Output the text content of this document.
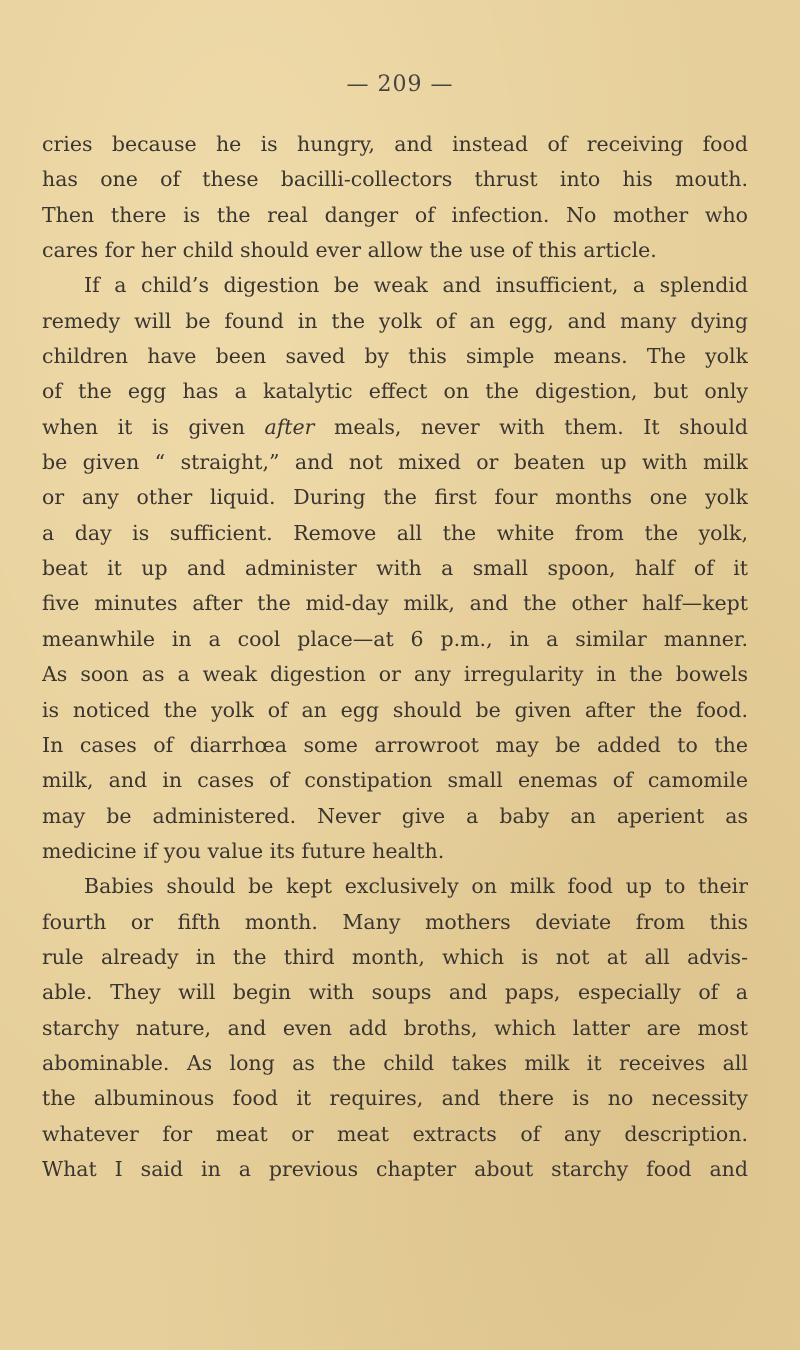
— 209 —
cries because he is hungry, and instead of receiving food
has one of these bacilli-collectors thrust into his mouth.
Then there is the real danger of infection. No mother who
cares for her child should ever allow the use of this article.
If a child’s digestion be weak and insufficient, a splendid
remedy will be found in the yolk of an egg, and many dying
children have been saved by this simple means. The yolk
of the egg has a katalytic effect on the digestion, but only
when it is given after meals, never with them. It should
be given “ straight,” and not mixed or beaten up with milk
or any other liquid. During the first four months one yolk
a day is sufficient. Remove all the white from the yolk,
beat it up and administer with a small spoon, half of it
five minutes after the mid-day milk, and the other half—kept
meanwhile in a cool place—at 6 p.m., in a similar manner.
As soon as a weak digestion or any irregularity in the bowels
is noticed the yolk of an egg should be given after the food.
In cases of diarrhœa some arrowroot may be added to the
milk, and in cases of constipation small enemas of camomile
may be administered. Never give a baby an aperient as
medicine if you value its future health.
Babies should be kept exclusively on milk food up to their
fourth or fifth month. Many mothers deviate from this
rule already in the third month, which is not at all advis-
able. They will begin with soups and paps, especially of a
starchy nature, and even add broths, which latter are most
abominable. As long as the child takes milk it receives all
the albuminous food it requires, and there is no necessity
whatever for meat or meat extracts of any description.
What I said in a previous chapter about starchy food and
